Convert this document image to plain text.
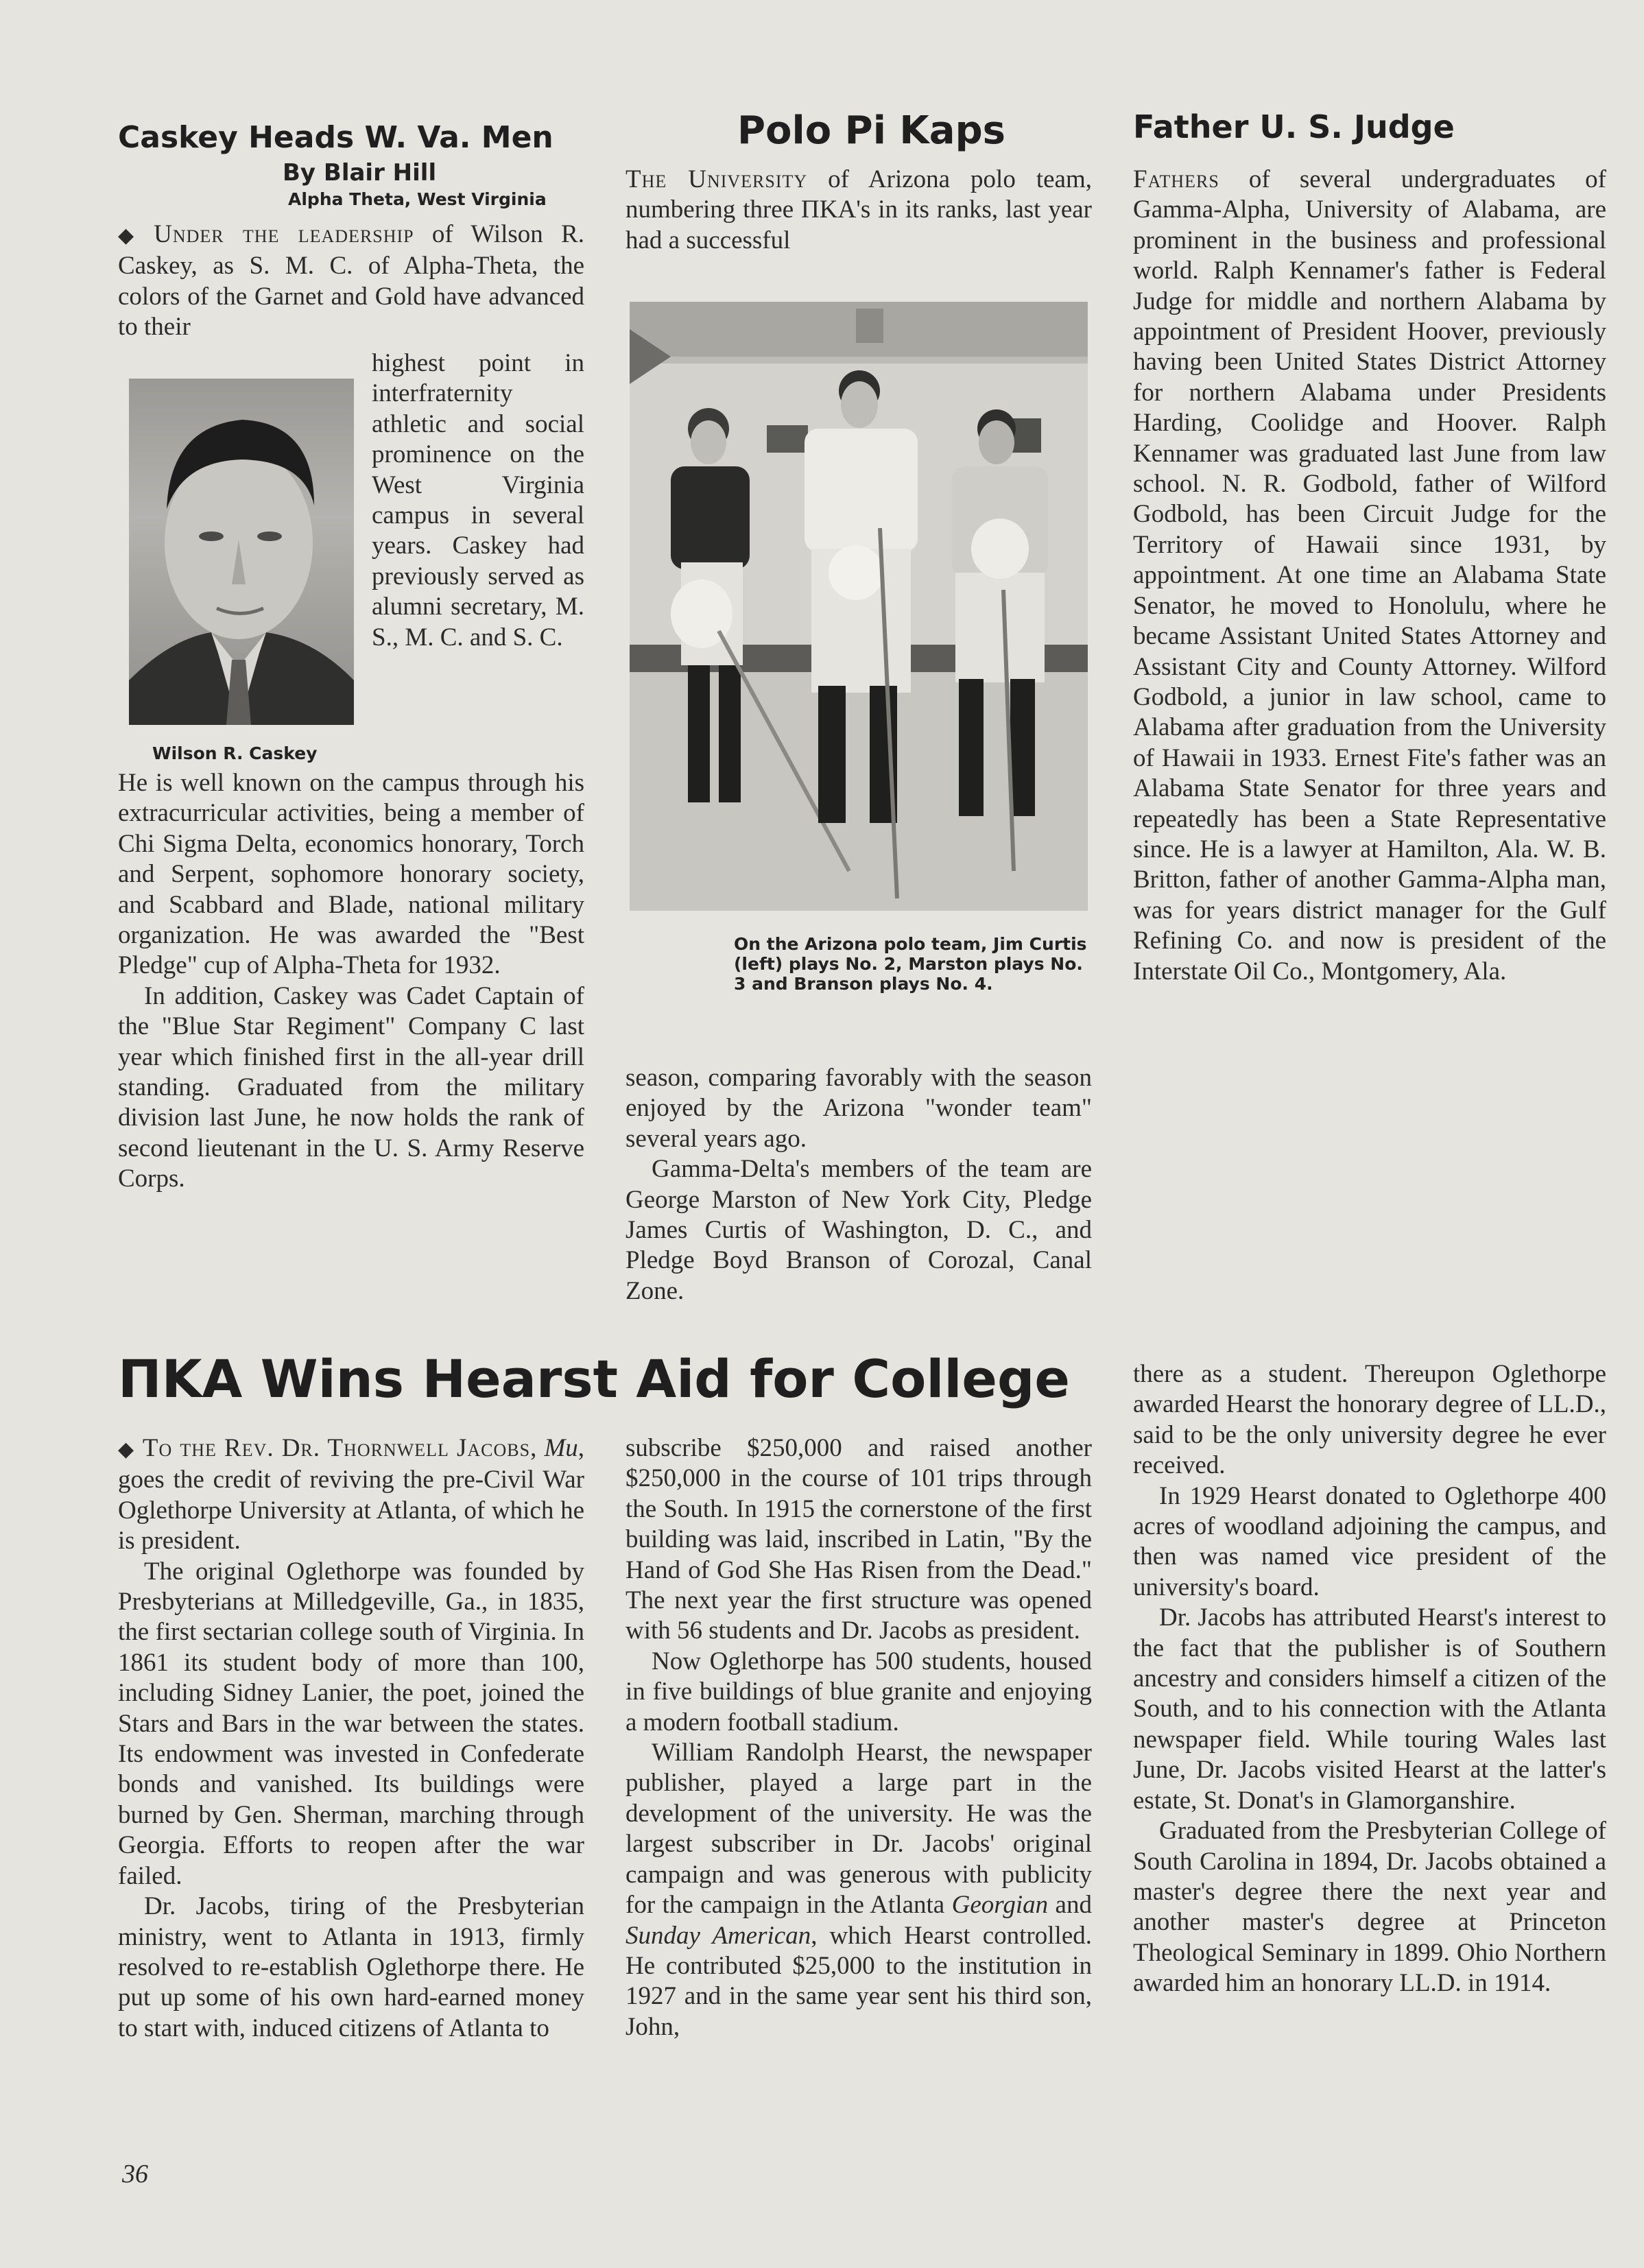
Caskey Heads W. Va. Men
By Blair Hill
Alpha Theta, West Virginia

◆ Under the leadership of Wilson R. Caskey, as S. M. C. of Alpha-Theta, the colors of the Garnet and Gold have advanced to their

Wilson R. Caskey

highest point in interfraternity athletic and social prominence on the West Virginia campus in several years. Caskey had previously served as alumni secretary, M. S., M. C. and S. C.

He is well known on the campus through his extracurricular activities, being a member of Chi Sigma Delta, economics honorary, Torch and Serpent, sophomore honorary society, and Scabbard and Blade, national military organization. He was awarded the "Best Pledge" cup of Alpha-Theta for 1932.

In addition, Caskey was Cadet Captain of the "Blue Star Regiment" Company C last year which finished first in the all-year drill standing. Graduated from the military division last June, he now holds the rank of second lieutenant in the U. S. Army Reserve Corps.

Polo Pi Kaps

The University of Arizona polo team, numbering three ΠKA's in its ranks, last year had a successful

On the Arizona polo team, Jim Curtis (left) plays No. 2, Marston plays No. 3 and Branson plays No. 4.

season, comparing favorably with the season enjoyed by the Arizona "wonder team" several years ago.

Gamma-Delta's members of the team are George Marston of New York City, Pledge James Curtis of Washington, D. C., and Pledge Boyd Branson of Corozal, Canal Zone.

Father U. S. Judge

Fathers of several undergraduates of Gamma-Alpha, University of Alabama, are prominent in the business and professional world. Ralph Kennamer's father is Federal Judge for middle and northern Alabama by appointment of President Hoover, previously having been United States District Attorney for northern Alabama under Presidents Harding, Coolidge and Hoover. Ralph Kennamer was graduated last June from law school. N. R. Godbold, father of Wilford Godbold, has been Circuit Judge for the Territory of Hawaii since 1931, by appointment. At one time an Alabama State Senator, he moved to Honolulu, where he became Assistant United States Attorney and Assistant City and County Attorney. Wilford Godbold, a junior in law school, came to Alabama after graduation from the University of Hawaii in 1933. Ernest Fite's father was an Alabama State Senator for three years and repeatedly has been a State Representative since. He is a lawyer at Hamilton, Ala. W. B. Britton, father of another Gamma-Alpha man, was for years district manager for the Gulf Refining Co. and now is president of the Interstate Oil Co., Montgomery, Ala.

ΠKA Wins Hearst Aid for College

◆ To the Rev. Dr. Thornwell Jacobs, Mu, goes the credit of reviving the pre-Civil War Oglethorpe University at Atlanta, of which he is president.

The original Oglethorpe was founded by Presbyterians at Milledgeville, Ga., in 1835, the first sectarian college south of Virginia. In 1861 its student body of more than 100, including Sidney Lanier, the poet, joined the Stars and Bars in the war between the states. Its endowment was invested in Confederate bonds and vanished. Its buildings were burned by Gen. Sherman, marching through Georgia. Efforts to reopen after the war failed.

Dr. Jacobs, tiring of the Presbyterian ministry, went to Atlanta in 1913, firmly resolved to re-establish Oglethorpe there. He put up some of his own hard-earned money to start with, induced citizens of Atlanta to

subscribe $250,000 and raised another $250,000 in the course of 101 trips through the South. In 1915 the cornerstone of the first building was laid, inscribed in Latin, "By the Hand of God She Has Risen from the Dead." The next year the first structure was opened with 56 students and Dr. Jacobs as president.

Now Oglethorpe has 500 students, housed in five buildings of blue granite and enjoying a modern football stadium.

William Randolph Hearst, the newspaper publisher, played a large part in the development of the university. He was the largest subscriber in Dr. Jacobs' original campaign and was generous with publicity for the campaign in the Atlanta Georgian and Sunday American, which Hearst controlled. He contributed $25,000 to the institution in 1927 and in the same year sent his third son, John,

there as a student. Thereupon Oglethorpe awarded Hearst the honorary degree of LL.D., said to be the only university degree he ever received.

In 1929 Hearst donated to Oglethorpe 400 acres of woodland adjoining the campus, and then was named vice president of the university's board.

Dr. Jacobs has attributed Hearst's interest to the fact that the publisher is of Southern ancestry and considers himself a citizen of the South, and to his connection with the Atlanta newspaper field. While touring Wales last June, Dr. Jacobs visited Hearst at the latter's estate, St. Donat's in Glamorganshire.

Graduated from the Presbyterian College of South Carolina in 1894, Dr. Jacobs obtained a master's degree there the next year and another master's degree at Princeton Theological Seminary in 1899. Ohio Northern awarded him an honorary LL.D. in 1914.

36
